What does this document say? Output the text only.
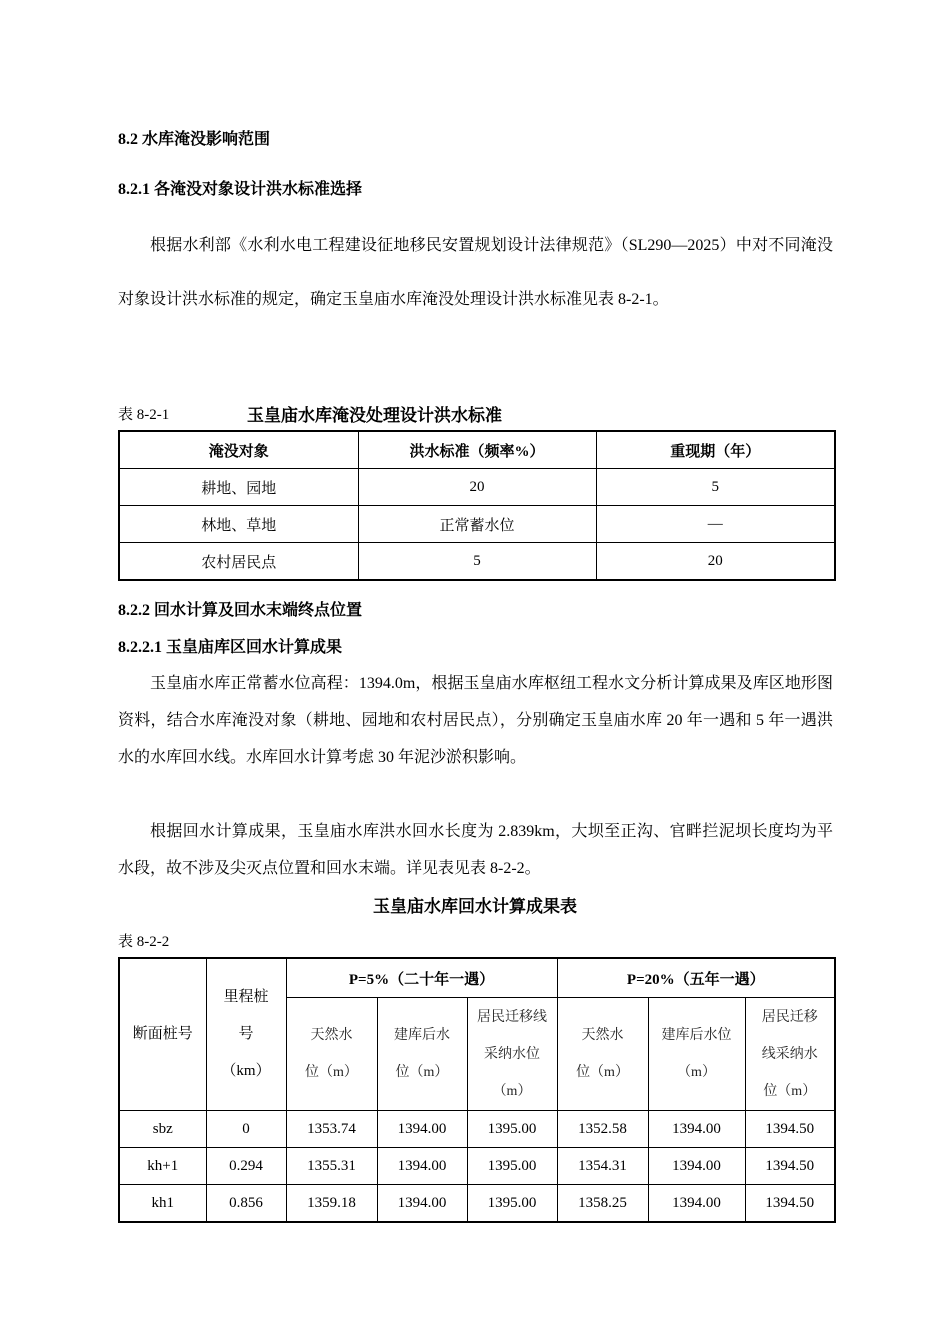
8.2 水库淹没影响范围
8.2.1 各淹没对象设计洪水标准选择
根据水利部《水利水电工程建设征地移民安置规划设计法律规范》（SL290—2025）中对不同淹没对象设计洪水标准的规定，确定玉皇庙水库淹没处理设计洪水标准见表 8-2-1。
表 8-2-1	玉皇庙水库淹没处理设计洪水标准
淹没对象	洪水标准（频率%）	重现期（年）
耕地、园地	20	5
林地、草地	正常蓄水位	—
农村居民点	5	20
8.2.2 回水计算及回水末端终点位置
8.2.2.1 玉皇庙库区回水计算成果
玉皇庙水库正常蓄水位高程：1394.0m，根据玉皇庙水库枢纽工程水文分析计算成果及库区地形图资料，结合水库淹没对象（耕地、园地和农村居民点），分别确定玉皇庙水库 20 年一遇和 5 年一遇洪水的水库回水线。水库回水计算考虑 30 年泥沙淤积影响。
根据回水计算成果，玉皇庙水库洪水回水长度为 2.839km，大坝至正沟、官畔拦泥坝长度均为平水段，故不涉及尖灭点位置和回水末端。详见表见表 8-2-2。
玉皇庙水库回水计算成果表
表 8-2-2
断面桩号	里程桩号（km）	P=5%（二十年一遇）			P=20%（五年一遇）		
		天然水位（m）	建库后水位（m）	居民迁移线采纳水位（m）	天然水位（m）	建库后水位（m）	居民迁移线采纳水位（m）
sbz	0	1353.74	1394.00	1395.00	1352.58	1394.00	1394.50
kh+1	0.294	1355.31	1394.00	1395.00	1354.31	1394.00	1394.50
kh1	0.856	1359.18	1394.00	1395.00	1358.25	1394.00	1394.50
